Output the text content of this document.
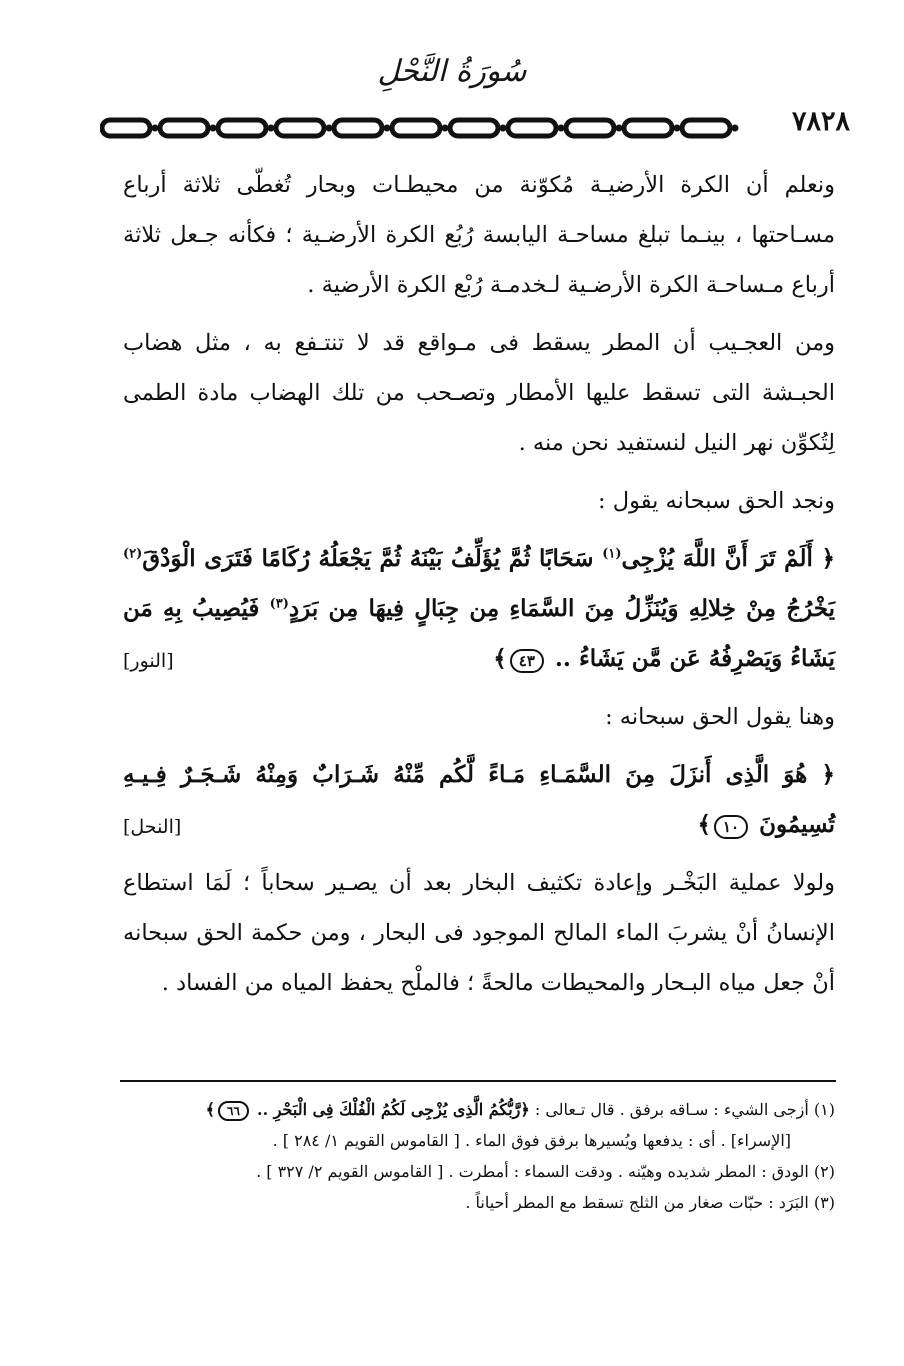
سُورَةُ النَّحْلِ
٧٨٢٨

ونعلم أن الكرة الأرضيـة مُكوّنة من محيطـات وبحار تُغطّى ثلاثة أرباع مسـاحتها ، بينـما تبلغ مساحـة اليابسة رُبُع الكرة الأرضـية ؛ فكأنه جـعل ثلاثة أرباع مـساحـة الكرة الأرضـية لـخدمـة رُبْع الكرة الأرضية .

ومن العجـيب أن المطر يسقط فى مـواقع قد لا تنتـفع به ، مثل هضاب الحبـشة التى تسقط عليها الأمطار وتصـحب من تلك الهضاب مادة الطمى لِتُكوِّن نهر النيل لنستفيد نحن منه .

ونجد الحق سبحانه يقول :

﴿ أَلَمْ تَرَ أَنَّ اللَّهَ يُزْجِى$^{(١)}$ سَحَابًا ثُمَّ يُؤَلِّفُ بَيْنَهُ ثُمَّ يَجْعَلُهُ رُكَامًا فَتَرَى الْوَدْقَ$^{(٢)}$ يَخْرُجُ مِنْ خِلالِهِ وَيُنَزِّلُ مِنَ السَّمَاءِ مِن جِبَالٍ فِيهَا مِن بَرَدٍ$^{(٣)}$ فَيُصِيبُ بِهِ مَن يَشَاءُ وَيَصْرِفُهُ عَن مَّن يَشَاءُ .. ٤٣﴾
[النور]

وهنا يقول الحق سبحانه :

﴿ هُوَ الَّذِى أَنزَلَ مِنَ السَّمَـاءِ مَـاءً لَّكُم مِّنْهُ شَـرَابٌ وَمِنْهُ شَـجَـرٌ فِـيـهِ تُسِيمُونَ ١٠﴾
[النحل]

ولولا عملية البَخْـر وإعادة تكثيف البخار بعد أن يصـير سحاباً ؛ لَمَا استطاع الإنسانُ أنْ يشربَ الماء المالح الموجود فى البحار ، ومن حكمة الحق سبحانه أنْ جعل مياه البـحار والمحيطات مالحةً ؛ فالملْح يحفظ المياه من الفساد .

(١) أزجى الشيء : سـاقه برفق . قال تـعالى : ﴿رَّبُّكُمُ الَّذِى يُزْجِى لَكُمُ الْفُلْكَ فِى الْبَحْرِ .. ٦٦﴾
[الإسراء] . أى : يدفعها ويُسيرها برفق فوق الماء . [ القاموس القويم ١/ ٢٨٤ ] .
(٢) الودق : المطر شديده وهيّنه . ودقت السماء : أمطرت . [ القاموس القويم ٢/ ٣٢٧ ] .
(٣) البَرَد : حبّات صغار من الثلج تسقط مع المطر أحياناً .
